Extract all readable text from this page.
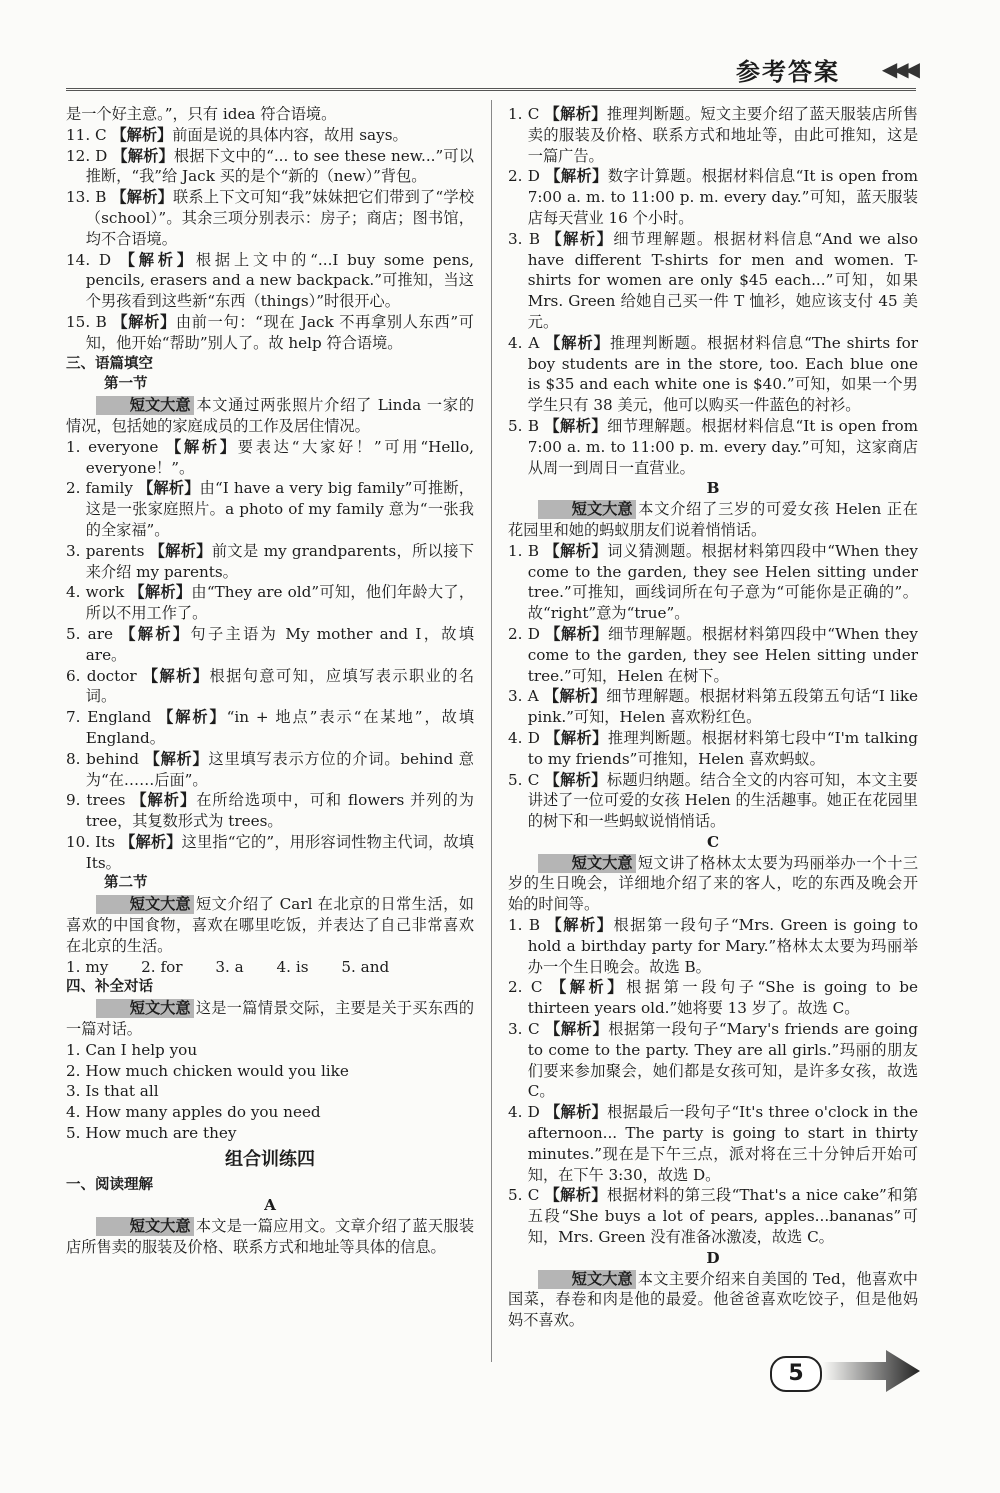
参考答案 ◀◀◀

是一个好主意。”，只有 idea 符合语境。

11. C 【解析】前面是说的具体内容，故用 says。

12. D 【解析】根据下文中的“... to see these new...”可以推断，“我”给 Jack 买的是个“新的（new）”背包。

13. B 【解析】联系上下文可知“我”妹妹把它们带到了“学校（school）”。其余三项分别表示：房子；商店；图书馆，均不合语境。

14. D 【解析】根据上文中的“...I buy some pens, pencils, erasers and a new backpack.”可推知，当这个男孩看到这些新“东西（things）”时很开心。

15. B 【解析】由前一句：“现在 Jack 不再拿别人东西”可知，他开始“帮助”别人了。故 help 符合语境。

三、语篇填空

第一节

短文大意 本文通过两张照片介绍了 Linda 一家的情况，包括她的家庭成员的工作及居住情况。

1. everyone 【解析】要表达“大家好！”可用“Hello, everyone！”。

2. family 【解析】由“I have a very big family”可推断，这是一张家庭照片。a photo of my family 意为“一张我的全家福”。

3. parents 【解析】前文是 my grandparents，所以接下来介绍 my parents。

4. work 【解析】由“They are old”可知，他们年龄大了，所以不用工作了。

5. are 【解析】句子主语为 My mother and I，故填 are。

6. doctor 【解析】根据句意可知，应填写表示职业的名词。

7. England 【解析】“in + 地点”表示“在某地”，故填 England。

8. behind 【解析】这里填写表示方位的介词。behind 意为“在……后面”。

9. trees 【解析】在所给选项中，可和 flowers 并列的为 tree，其复数形式为 trees。

10. Its 【解析】这里指“它的”，用形容词性物主代词，故填 Its。

第二节

短文大意 短文介绍了 Carl 在北京的日常生活，如喜欢的中国食物，喜欢在哪里吃饭，并表达了自己非常喜欢在北京的生活。

1. my 2. for 3. a 4. is 5. and

四、补全对话

短文大意 这是一篇情景交际，主要是关于买东西的一篇对话。

1. Can I help you

2. How much chicken would you like

3. Is that all

4. How many apples do you need

5. How much are they

组合训练四

一、阅读理解

A

短文大意 本文是一篇应用文。文章介绍了蓝天服装店所售卖的服装及价格、联系方式和地址等具体的信息。

1. C 【解析】推理判断题。短文主要介绍了蓝天服装店所售卖的服装及价格、联系方式和地址等，由此可推知，这是一篇广告。

2. D 【解析】数字计算题。根据材料信息“It is open from 7:00 a. m. to 11:00 p. m. every day.”可知，蓝天服装店每天营业 16 个小时。

3. B 【解析】细节理解题。根据材料信息“And we also have different T-shirts for men and women. T-shirts for women are only $45 each...”可知，如果 Mrs. Green 给她自己买一件 T 恤衫，她应该支付 45 美元。

4. A 【解析】推理判断题。根据材料信息“The shirts for boy students are in the store, too. Each blue one is $35 and each white one is $40.”可知，如果一个男学生只有 38 美元，他可以购买一件蓝色的衬衫。

5. B 【解析】细节理解题。根据材料信息“It is open from 7:00 a. m. to 11:00 p. m. every day.”可知，这家商店从周一到周日一直营业。

B

短文大意 本文介绍了三岁的可爱女孩 Helen 正在花园里和她的蚂蚁朋友们说着悄悄话。

1. B 【解析】词义猜测题。根据材料第四段中“When they come to the garden, they see Helen sitting under tree.”可推知，画线词所在句子意为“可能你是正确的”。故“right”意为“true”。

2. D 【解析】细节理解题。根据材料第四段中“When they come to the garden, they see Helen sitting under tree.”可知，Helen 在树下。

3. A 【解析】细节理解题。根据材料第五段第五句话“I like pink.”可知，Helen 喜欢粉红色。

4. D 【解析】推理判断题。根据材料第七段中“I'm talking to my friends”可推知，Helen 喜欢蚂蚁。

5. C 【解析】标题归纳题。结合全文的内容可知，本文主要讲述了一位可爱的女孩 Helen 的生活趣事。她正在花园里的树下和一些蚂蚁说悄悄话。

C

短文大意 短文讲了格林太太要为玛丽举办一个十三岁的生日晚会，详细地介绍了来的客人，吃的东西及晚会开始的时间等。

1. B 【解析】根据第一段句子“Mrs. Green is going to hold a birthday party for Mary.”格林太太要为玛丽举办一个生日晚会。故选 B。

2. C 【解析】根据第一段句子“She is going to be thirteen years old.”她将要 13 岁了。故选 C。

3. C 【解析】根据第一段句子“Mary's friends are going to come to the party. They are all girls.”玛丽的朋友们要来参加聚会，她们都是女孩可知，是许多女孩，故选 C。

4. D 【解析】根据最后一段句子“It's three o'clock in the afternoon... The party is going to start in thirty minutes.”现在是下午三点，派对将在三十分钟后开始可知，在下午 3:30，故选 D。

5. C 【解析】根据材料的第三段“That's a nice cake”和第五段“She buys a lot of pears, apples...bananas”可知，Mrs. Green 没有准备冰激凌，故选 C。

D

短文大意 本文主要介绍来自美国的 Ted，他喜欢中国菜，春卷和肉是他的最爱。他爸爸喜欢吃饺子，但是他妈妈不喜欢。

5
